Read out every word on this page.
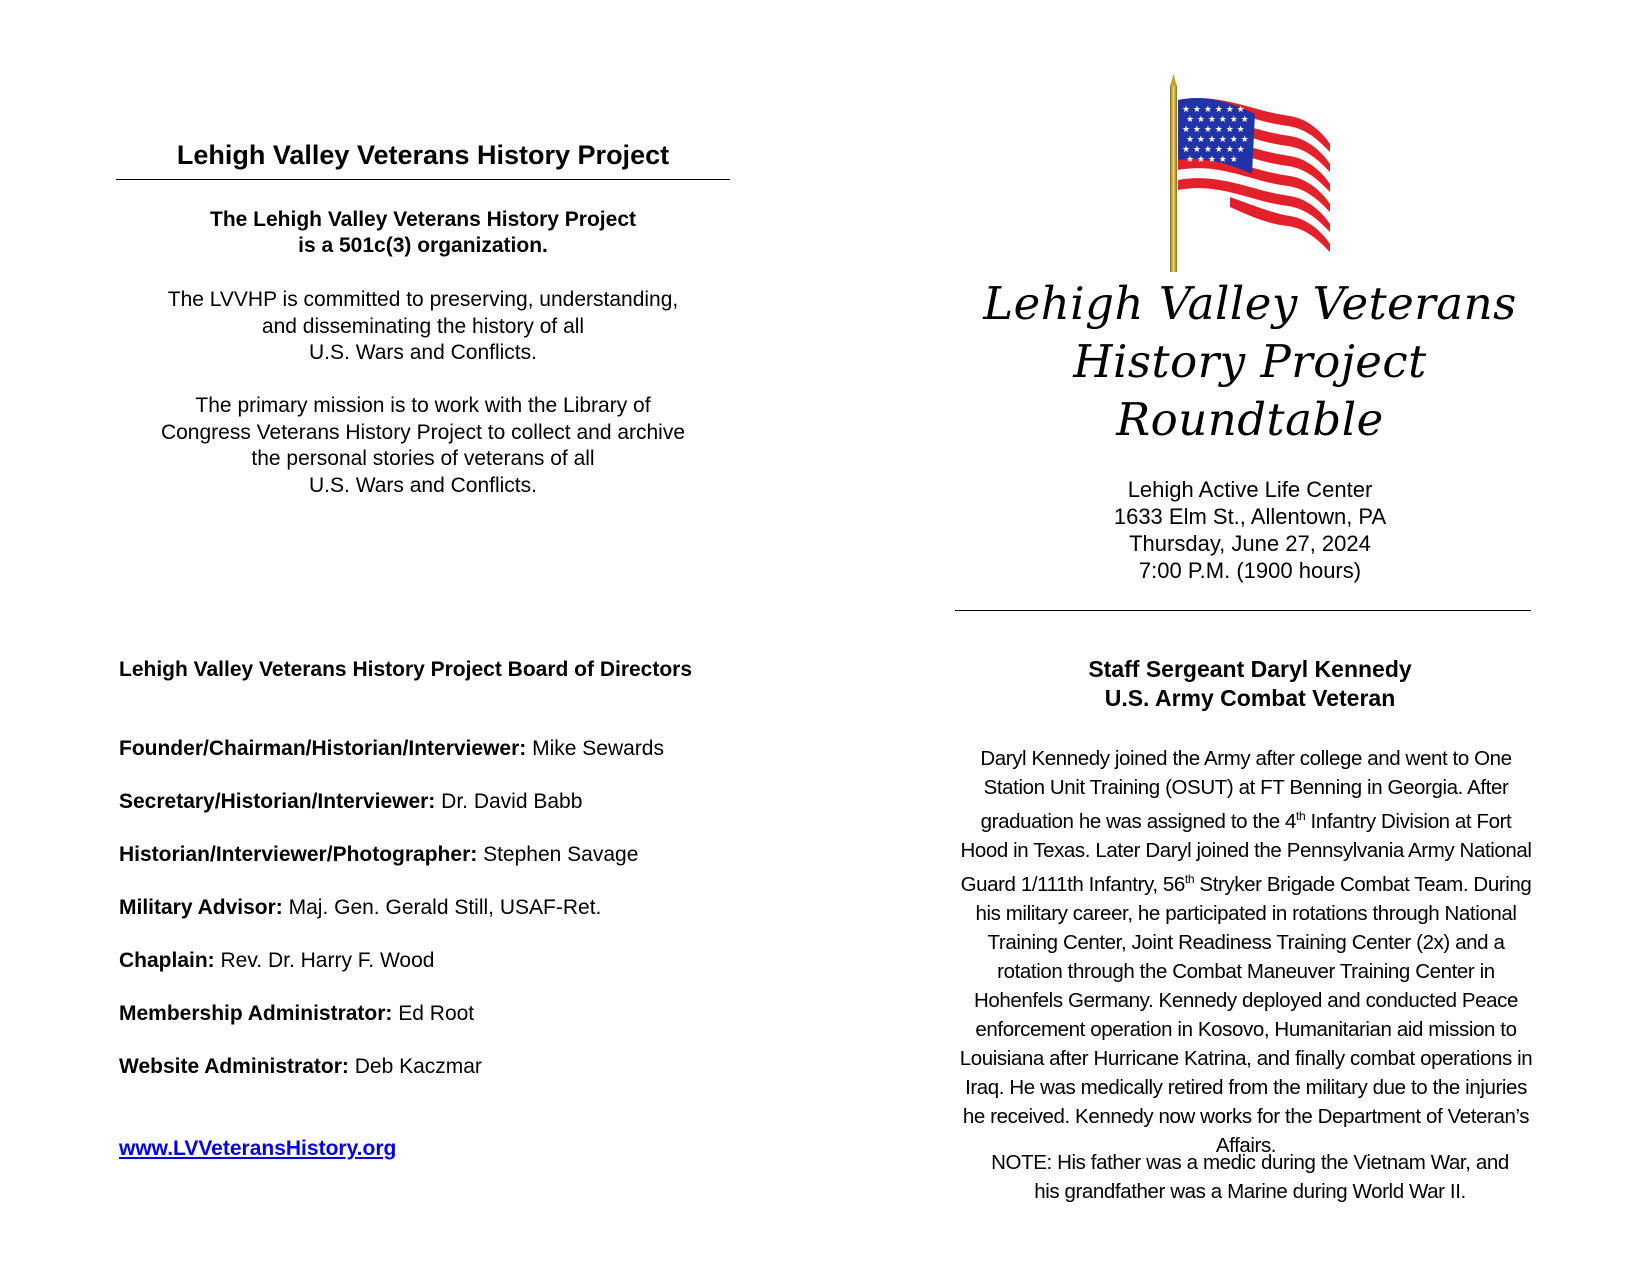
Lehigh Valley Veterans History Project
The Lehigh Valley Veterans History Project
is a 501c(3) organization.
The LVVHP is committed to preserving, understanding,
and disseminating the history of all
U.S. Wars and Conflicts.
The primary mission is to work with the Library of
Congress Veterans History Project to collect and archive
the personal stories of veterans of all
U.S. Wars and Conflicts.
Lehigh Valley Veterans History Project Board of Directors
Founder/Chairman/Historian/Interviewer: Mike Sewards
Secretary/Historian/Interviewer: Dr. David Babb
Historian/Interviewer/Photographer: Stephen Savage
Military Advisor: Maj. Gen. Gerald Still, USAF-Ret.
Chaplain: Rev. Dr. Harry F. Wood
Membership Administrator: Ed Root
Website Administrator: Deb Kaczmar
www.LVVeteransHistory.org
★ ★ ★ ★ ★ ★
★ ★ ★ ★ ★ ★
★ ★ ★ ★ ★ ★
★ ★ ★ ★ ★ ★
★ ★ ★ ★ ★ ★
★ ★ ★ ★ ★
Lehigh Valley Veterans
History Project
Roundtable
Lehigh Active Life Center
1633 Elm St., Allentown, PA
Thursday, June 27, 2024
7:00 P.M. (1900 hours)
Staff Sergeant Daryl Kennedy
U.S. Army Combat Veteran
Daryl Kennedy joined the Army after college and went to One Station Unit Training (OSUT) at FT Benning in Georgia. After graduation he was assigned to the 4th Infantry Division at Fort Hood in Texas. Later Daryl joined the Pennsylvania Army National Guard 1/111th Infantry, 56th Stryker Brigade Combat Team. During his military career, he participated in rotations through National Training Center, Joint Readiness Training Center (2x) and a rotation through the Combat Maneuver Training Center in Hohenfels Germany. Kennedy deployed and conducted Peace enforcement operation in Kosovo, Humanitarian aid mission to Louisiana after Hurricane Katrina, and finally combat operations in Iraq. He was medically retired from the military due to the injuries he received. Kennedy now works for the Department of Veteran’s Affairs.
NOTE: His father was a medic during the Vietnam War, and
his grandfather was a Marine during World War II.
